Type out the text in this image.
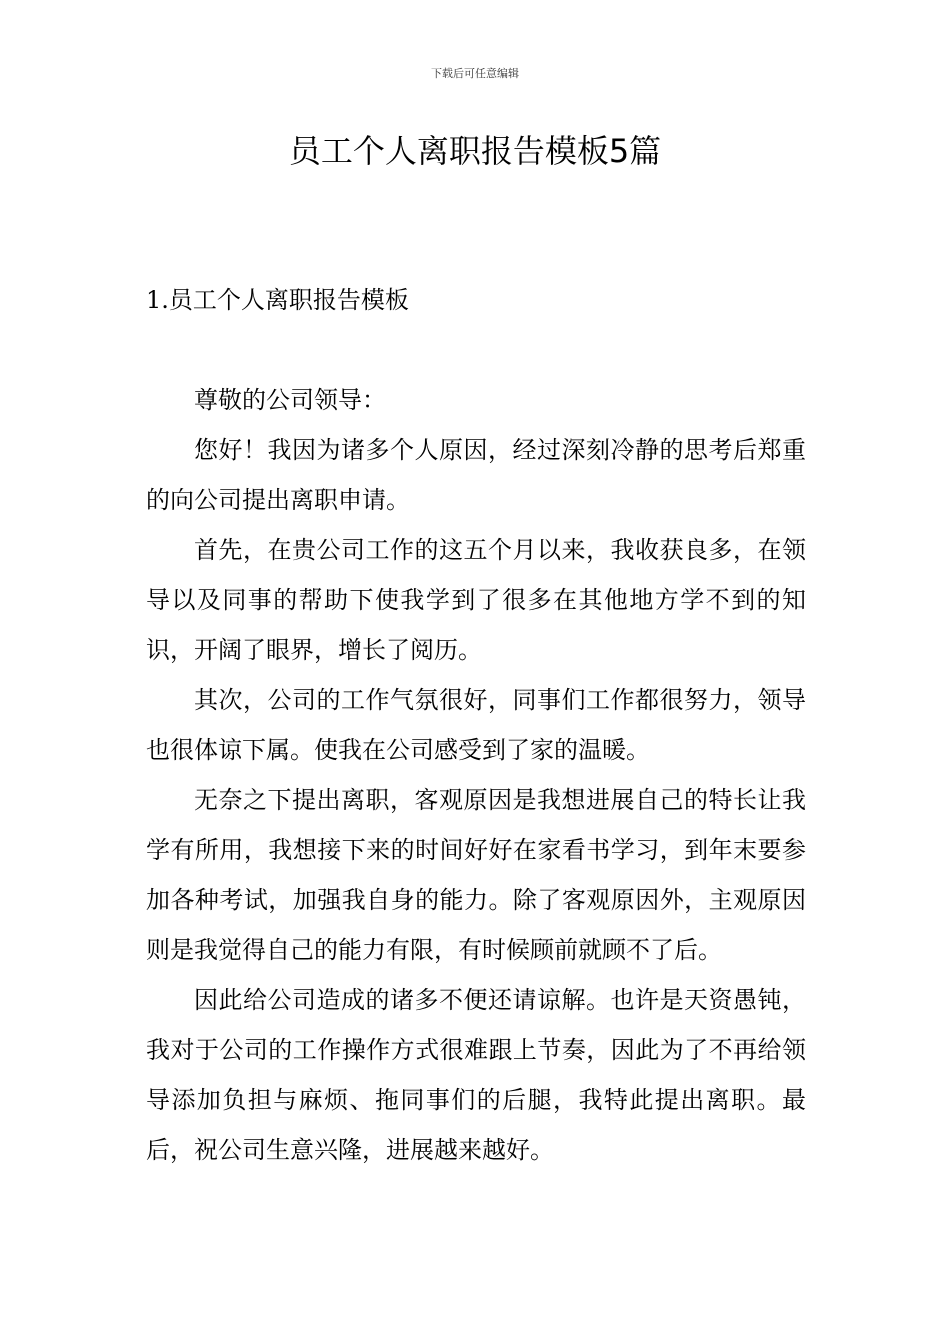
下载后可任意编辑
员工个人离职报告模板5篇
1.员工个人离职报告模板

尊敬的公司领导：

您好！我因为诸多个人原因，经过深刻冷静的思考后郑重的向公司提出离职申请。

首先，在贵公司工作的这五个月以来，我收获良多，在领导以及同事的帮助下使我学到了很多在其他地方学不到的知识，开阔了眼界，增长了阅历。

其次，公司的工作气氛很好，同事们工作都很努力，领导也很体谅下属。使我在公司感受到了家的温暖。

无奈之下提出离职，客观原因是我想进展自己的特长让我学有所用，我想接下来的时间好好在家看书学习，到年末要参加各种考试，加强我自身的能力。除了客观原因外，主观原因则是我觉得自己的能力有限，有时候顾前就顾不了后。

因此给公司造成的诸多不便还请谅解。也许是天资愚钝，我对于公司的工作操作方式很难跟上节奏，因此为了不再给领导添加负担与麻烦、拖同事们的后腿，我特此提出离职。最后，祝公司生意兴隆，进展越来越好。
